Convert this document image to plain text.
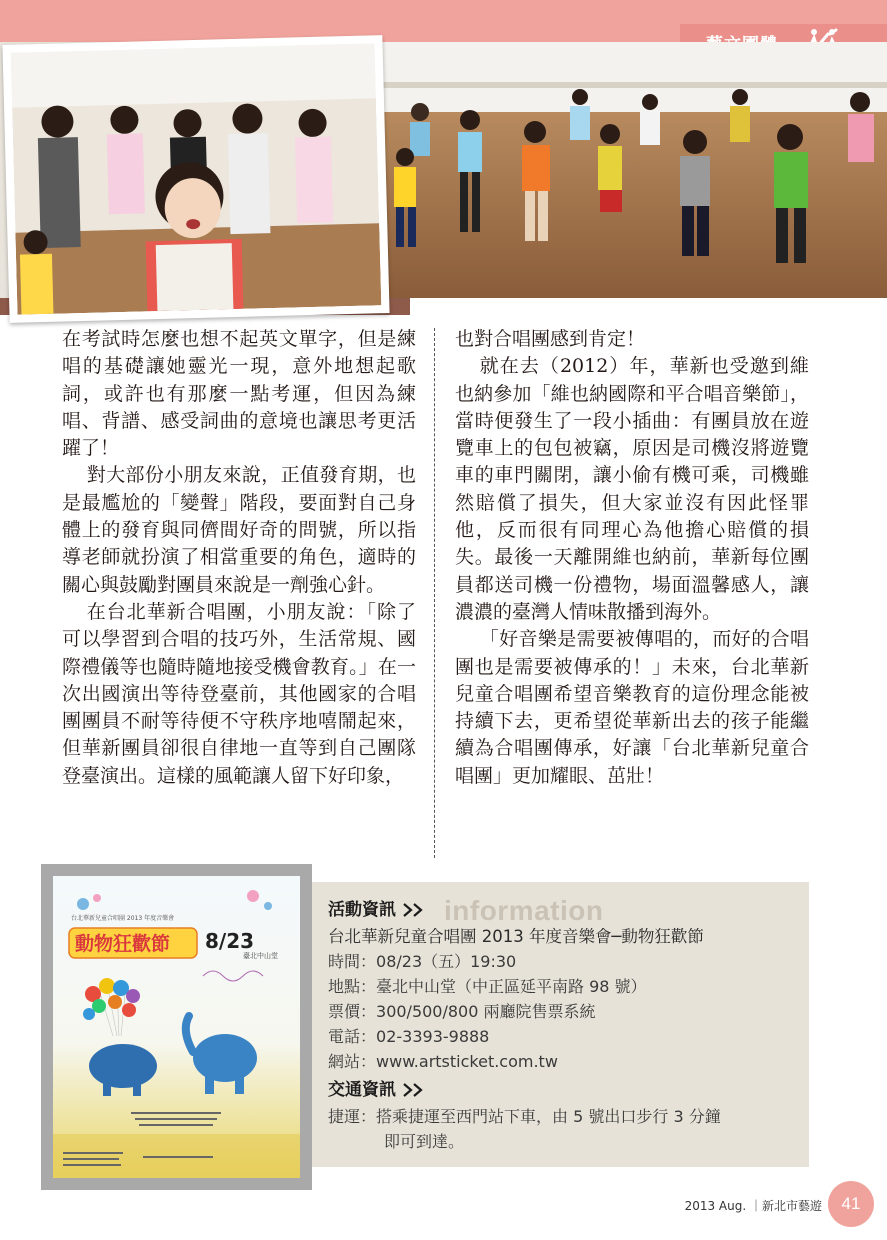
在考試時怎麼也想不起英文單字，但是練唱的基礎讓她靈光一現，意外地想起歌詞，或許也有那麼一點考運，但因為練唱、背譜、感受詞曲的意境也讓思考更活躍了！

對大部份小朋友來說，正值發育期，也是最尷尬的「變聲」階段，要面對自己身體上的發育與同儕間好奇的問號，所以指導老師就扮演了相當重要的角色，適時的關心與鼓勵對團員來說是一劑強心針。

在台北華新合唱團，小朋友說：「除了可以學習到合唱的技巧外，生活常規、國際禮儀等也隨時隨地接受機會教育。」在一次出國演出等待登臺前，其他國家的合唱團團員不耐等待便不守秩序地嘻鬧起來，但華新團員卻很自律地一直等到自己團隊登臺演出。這樣的風範讓人留下好印象，

也對合唱團感到肯定！

就在去（2012）年，華新也受邀到維也納參加「維也納國際和平合唱音樂節」，當時便發生了一段小插曲：有團員放在遊覽車上的包包被竊，原因是司機沒將遊覽車的車門關閉，讓小偷有機可乘，司機雖然賠償了損失，但大家並沒有因此怪罪他，反而很有同理心為他擔心賠償的損失。最後一天離開維也納前，華新每位團員都送司機一份禮物，場面溫馨感人，讓濃濃的臺灣人情味散播到海外。

「好音樂是需要被傳唱的，而好的合唱團也是需要被傳承的！」未來，台北華新兒童合唱團希望音樂教育的這份理念能被持續下去，更希望從華新出去的孩子能繼續為合唱團傳承，好讓「台北華新兒童合唱團」更加耀眼、茁壯！

台北華新兒童合唱團 2013 年度音樂會
動物狂歡節 8/23
臺北中山堂
活動資訊 information
台北華新兒童合唱團 2013 年度音樂會─動物狂歡節
時間： 08/23（五）19:30
地點： 臺北中山堂（中正區延平南路 98 號）
票價： 300/500/800 兩廳院售票系統
電話： 02-3393-9888
網站： www.artsticket.com.tw
交通資訊
捷運： 搭乘捷運至西門站下車，由 5 號出口步行 3 分鐘
即可到達。
2013 Aug. ｜新北市藝遊	41
